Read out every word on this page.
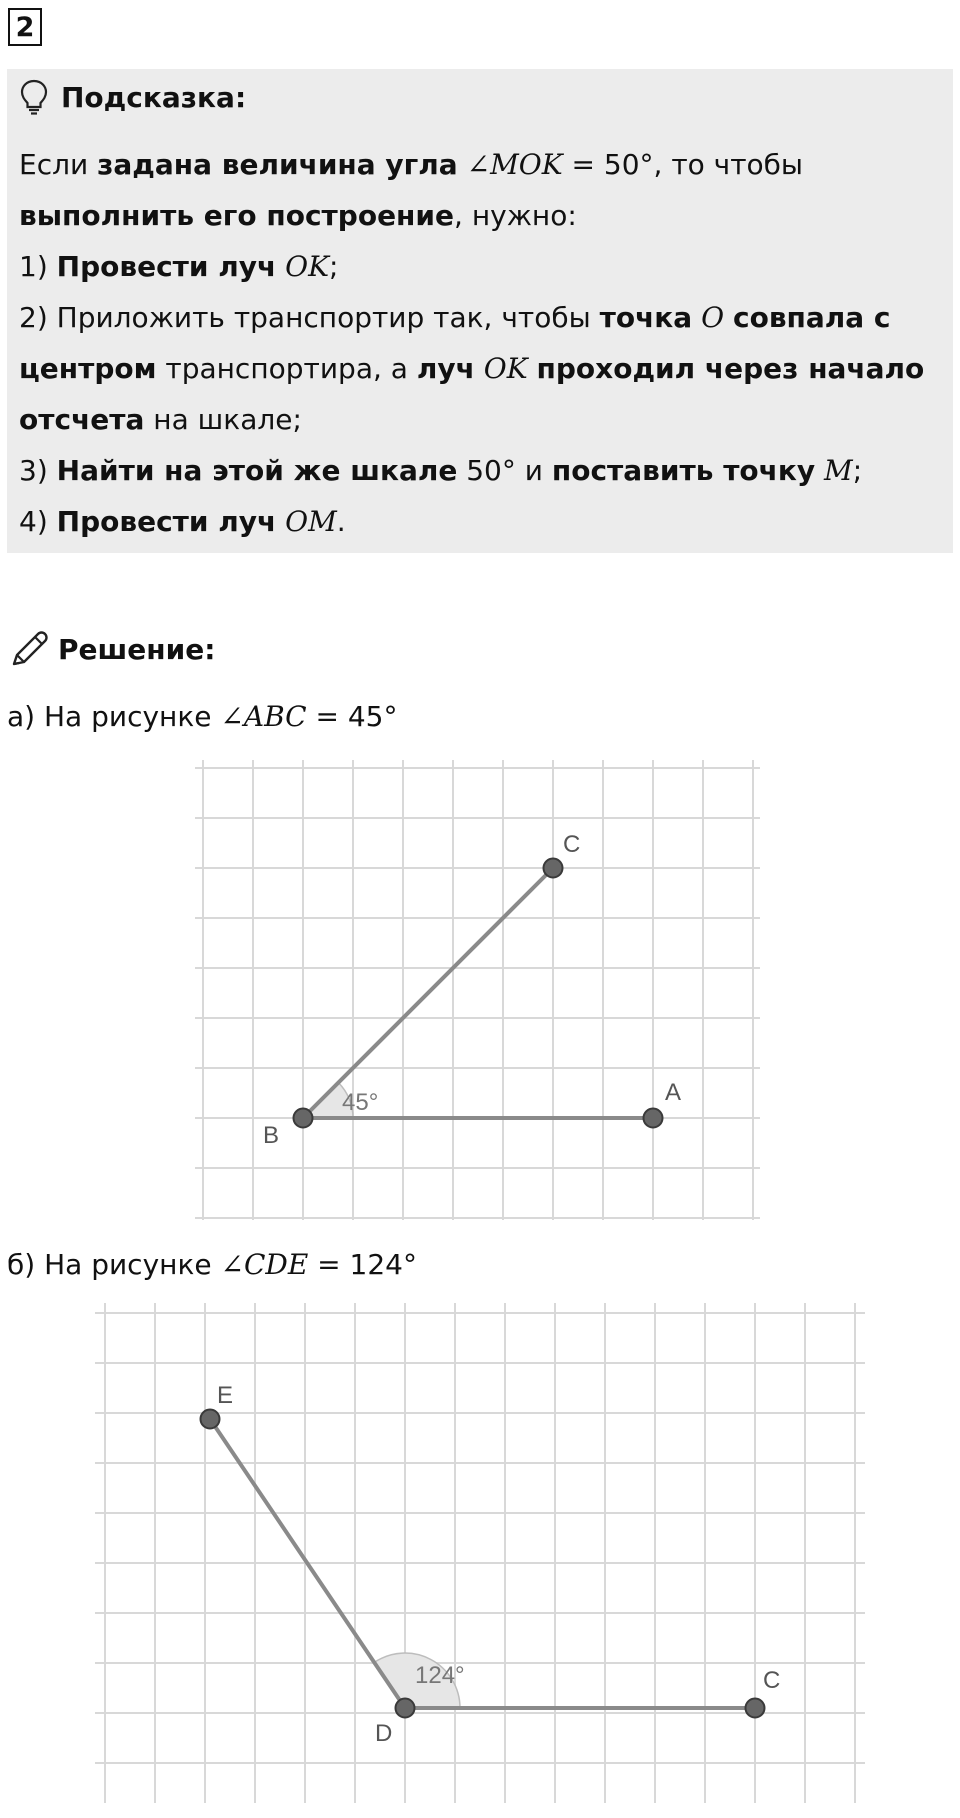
2
Подсказка:
Если задана величина угла ∠MOK = 50°, то чтобы
выполнить его построение, нужно:
1) Провести луч OK;
2) Приложить транспортир так, чтобы точка O совпала с
центром транспортира, а луч OK проходил через начало
отсчета на шкале;
3) Найти на этой же шкале 50° и поставить точку M;
4) Провести луч OM.
Решение:
а) На рисунке ∠ABC = 45°
B
A
C
45°
б) На рисунке ∠CDE = 124°
D
C
E
124°
